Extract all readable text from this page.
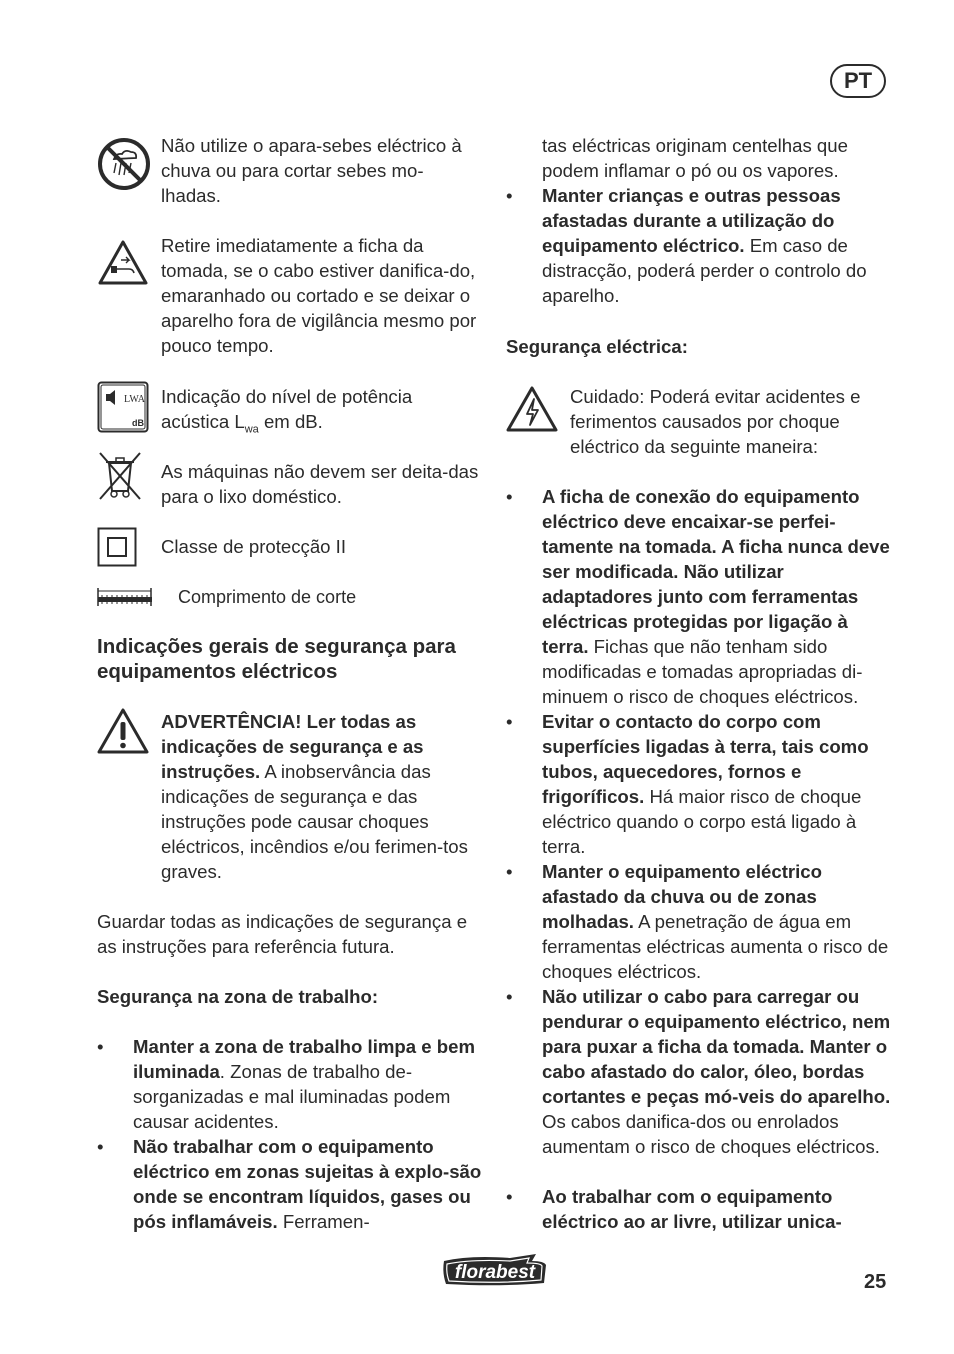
PT
Não utilize o apara-sebes eléctrico à chuva ou para cortar sebes mo-lhadas.
Retire imediatamente a ficha da tomada, se o cabo estiver danifica-do, emaranhado ou cortado e se deixar o aparelho fora de vigilância mesmo por pouco tempo.
LWA
dB
Indicação do nível de potência acústica $L_{wa}$ em dB.
As máquinas não devem ser deita-das para o lixo doméstico.
Classe de protecção II
Comprimento de corte
Indicações gerais de segurança para equipamentos eléctricos
ADVERTÊNCIA! Ler todas as indicações de segurança e as instruções. A inobservância das indicações de segurança e das instruções pode causar choques eléctricos, incêndios e/ou ferimen-tos graves.
Guardar todas as indicações de segurança e as instruções para referência futura.
Segurança na zona de trabalho:
• Manter a zona de trabalho limpa e bem iluminada. Zonas de trabalho de-sorganizadas e mal iluminadas podem causar acidentes.
• Não trabalhar com o equipamento eléctrico em zonas sujeitas à explo-são onde se encontram líquidos, gases ou pós inflamáveis. Ferramen-
tas eléctricas originam centelhas que podem inflamar o pó ou os vapores.
• Manter crianças e outras pessoas afastadas durante a utilização do equipamento eléctrico. Em caso de distracção, poderá perder o controlo do aparelho.
Segurança eléctrica:
Cuidado: Poderá evitar acidentes e ferimentos causados por choque eléctrico da seguinte maneira:
• A ficha de conexão do equipamento eléctrico deve encaixar-se perfei-tamente na tomada. A ficha nunca deve ser modificada. Não utilizar adaptadores junto com ferramentas eléctricas protegidas por ligação à terra. Fichas que não tenham sido modificadas e tomadas apropriadas di-minuem o risco de choques eléctricos.
• Evitar o contacto do corpo com superfícies ligadas à terra, tais como tubos, aquecedores, fornos e frigoríficos. Há maior risco de choque eléctrico quando o corpo está ligado à terra.
• Manter o equipamento eléctrico afastado da chuva ou de zonas molhadas. A penetração de água em ferramentas eléctricas aumenta o risco de choques eléctricos.
• Não utilizar o cabo para carregar ou pendurar o equipamento eléctrico, nem para puxar a ficha da tomada. Manter o cabo afastado do calor, óleo, bordas cortantes e peças mó-veis do aparelho. Os cabos danifica-dos ou enrolados aumentam o risco de choques eléctricos.
• Ao trabalhar com o equipamento eléctrico ao ar livre, utilizar unica-
florabest	25
